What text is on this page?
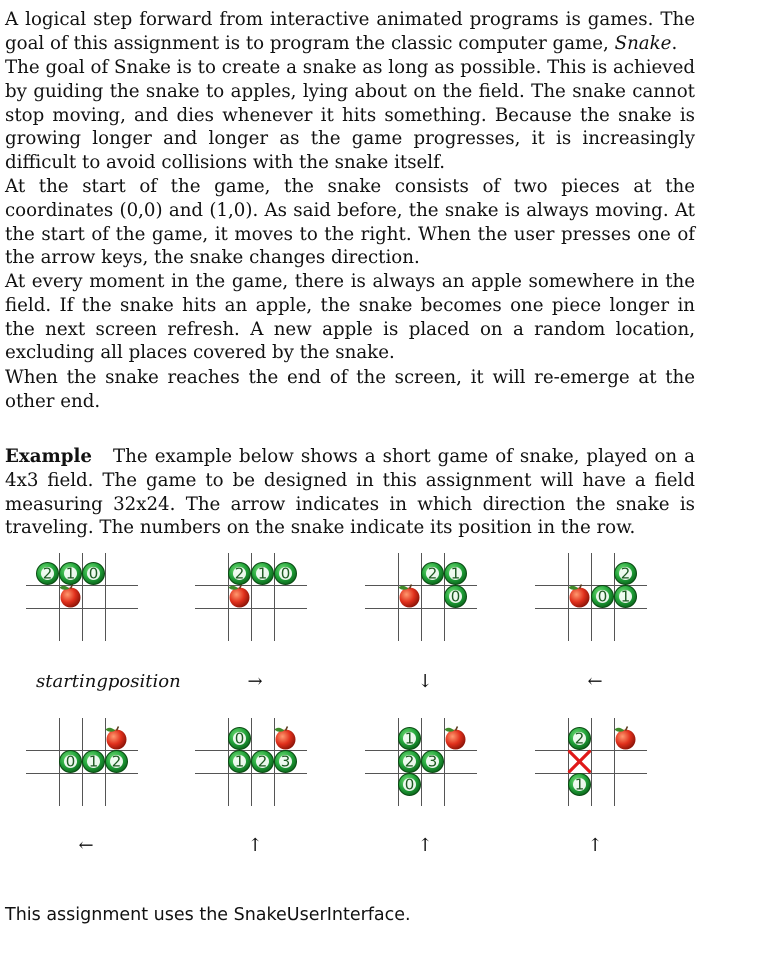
A logical step forward from interactive animated programs is games. The goal of this assignment is to program the classic computer game, Snake.

The goal of Snake is to create a snake as long as possible. This is achieved by guiding the snake to apples, lying about on the field. The snake cannot stop moving, and dies whenever it hits something. Because the snake is growing longer and longer as the game progresses, it is increasingly difficult to avoid collisions with the snake itself.

At the start of the game, the snake consists of two pieces at the coordinates (0,0) and (1,0). As said before, the snake is always moving. At the start of the game, it moves to the right. When the user presses one of the arrow keys, the snake changes direction.

At every moment in the game, there is always an apple somewhere in the field. If the snake hits an apple, the snake becomes one piece longer in the next screen refresh. A new apple is placed on a random location, excluding all places covered by the snake.

When the snake reaches the end of the screen, it will re-emerge at the other end.

Example The example below shows a short game of snake, played on a 4x3 field. The game to be designed in this assignment will have a field measuring 32x24. The arrow indicates in which direction the snake is traveling. The numbers on the snake indicate its position in the row.

2 1 0
startingposition
2 1 0
→
2 1
0
↓
2
1
0
←
0 1 2
←
0
1 2 3
↑
1
2 3
0
↑
2
1
↑
This assignment uses the SnakeUserInterface.
